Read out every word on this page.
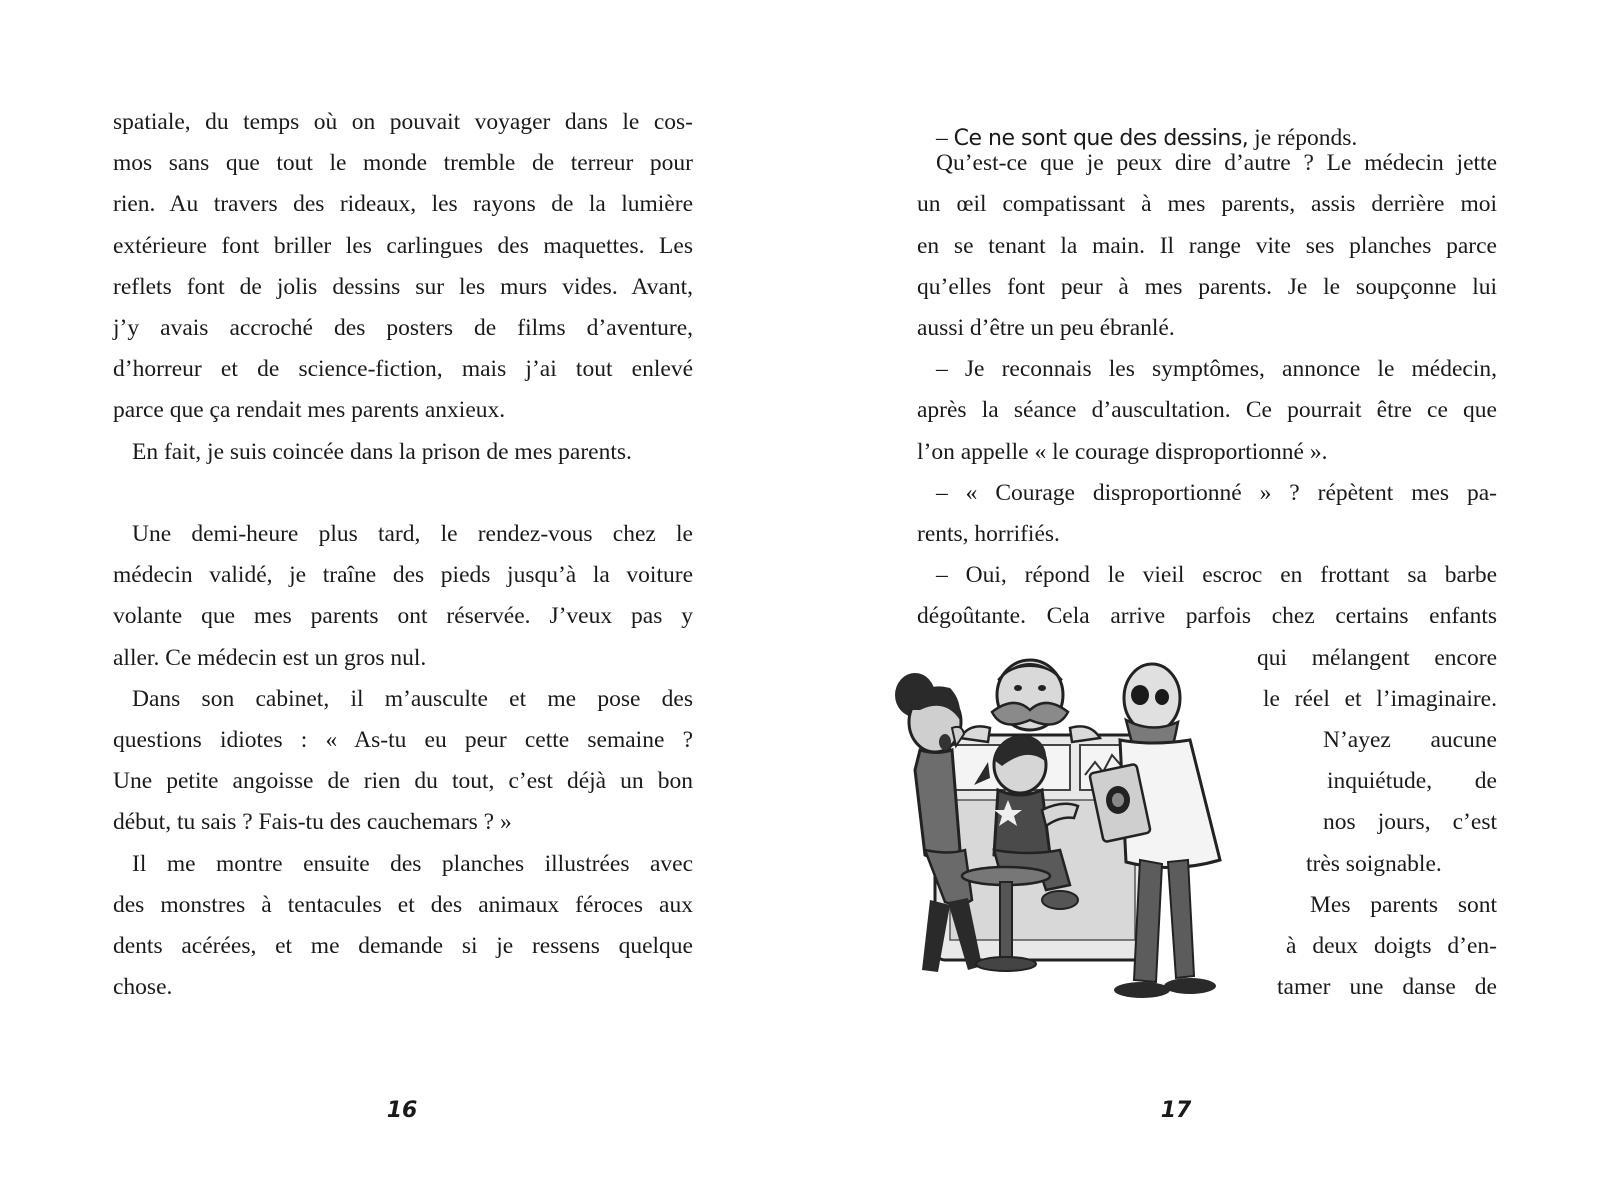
spatiale, du temps où on pouvait voyager dans le cos-
mos sans que tout le monde tremble de terreur pour
rien. Au travers des rideaux, les rayons de la lumière
extérieure font briller les carlingues des maquettes. Les
reflets font de jolis dessins sur les murs vides. Avant,
j’y avais accroché des posters de films d’aventure,
d’horreur et de science-fiction, mais j’ai tout enlevé
parce que ça rendait mes parents anxieux.
En fait, je suis coincée dans la prison de mes parents.
Une demi-heure plus tard, le rendez-vous chez le
médecin validé, je traîne des pieds jusqu’à la voiture
volante que mes parents ont réservée. J’veux pas y
aller. Ce médecin est un gros nul.
Dans son cabinet, il m’ausculte et me pose des
questions idiotes : « As-tu eu peur cette semaine ?
Une petite angoisse de rien du tout, c’est déjà un bon
début, tu sais ? Fais-tu des cauchemars ? »
Il me montre ensuite des planches illustrées avec
des monstres à tentacules et des animaux féroces aux
dents acérées, et me demande si je ressens quelque
chose.
16
– Ce ne sont que des dessins, je réponds.
Qu’est-ce que je peux dire d’autre ? Le médecin jette
un œil compatissant à mes parents, assis derrière moi
en se tenant la main. Il range vite ses planches parce
qu’elles font peur à mes parents. Je le soupçonne lui
aussi d’être un peu ébranlé.
– Je reconnais les symptômes, annonce le médecin,
après la séance d’auscultation. Ce pourrait être ce que
l’on appelle « le courage disproportionné ».
– « Courage disproportionné » ? répètent mes pa-
rents, horrifiés.
– Oui, répond le vieil escroc en frottant sa barbe
dégoûtante. Cela arrive parfois chez certains enfants
qui mélangent encore
le réel et l’imaginaire.
N’ayez aucune
inquiétude, de
nos jours, c’est
très soignable.
Mes parents sont
à deux doigts d’en-
tamer une danse de
17
